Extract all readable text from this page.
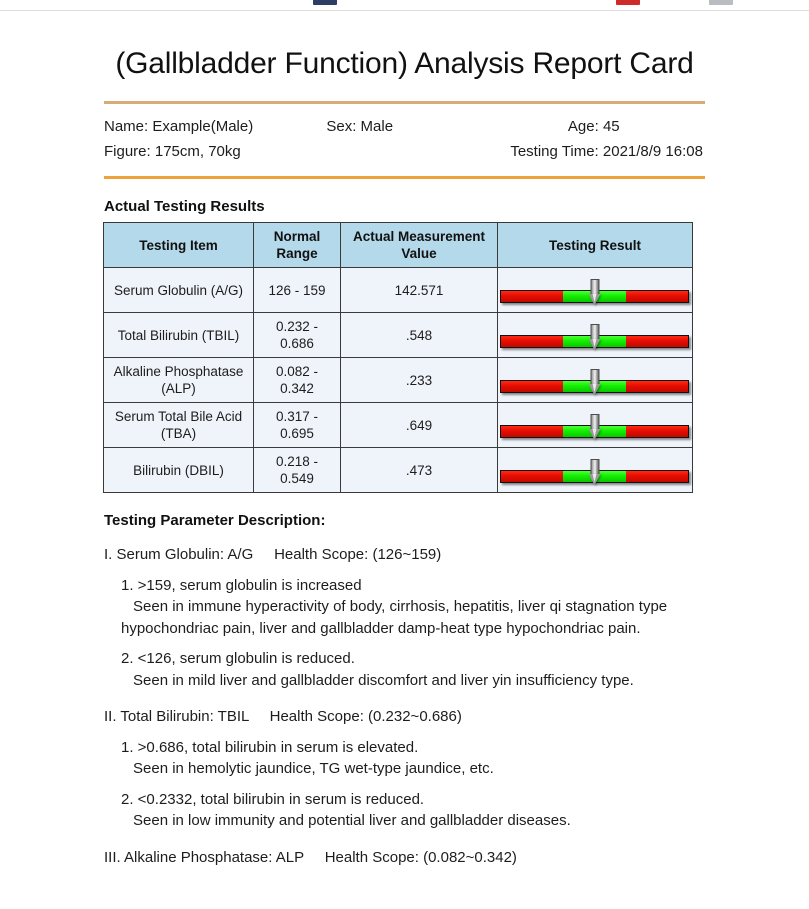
(Gallbladder Function) Analysis Report Card
Name: Example(Male)	Sex: Male	Age: 45
Figure: 175cm, 70kg	Testing Time: 2021/8/9 16:08
Actual Testing Results
Testing Item	Normal Range	Actual Measurement Value	Testing Result
Serum Globulin (A/G)	126 - 159	142.571	

Total Bilirubin (TBIL)	0.232 - 0.686	.548	

Alkaline Phosphatase (ALP)	0.082 - 0.342	.233	

Serum Total Bile Acid (TBA)	0.317 - 0.695	.649	

Bilirubin (DBIL)	0.218 - 0.549	.473	
Testing Parameter Description:
I. Serum Globulin: A/G     Health Scope: (126~159)
1. >159, serum globulin is increased
Seen in immune hyperactivity of body, cirrhosis, hepatitis, liver qi stagnation type hypochondriac pain, liver and gallbladder damp-heat type hypochondriac pain.
2. <126, serum globulin is reduced.
Seen in mild liver and gallbladder discomfort and liver yin insufficiency type.
II. Total Bilirubin: TBIL     Health Scope: (0.232~0.686)
1. >0.686, total bilirubin in serum is elevated.
Seen in hemolytic jaundice, TG wet-type jaundice, etc.
2. <0.2332, total bilirubin in serum is reduced.
Seen in low immunity and potential liver and gallbladder diseases.
III. Alkaline Phosphatase: ALP     Health Scope: (0.082~0.342)
